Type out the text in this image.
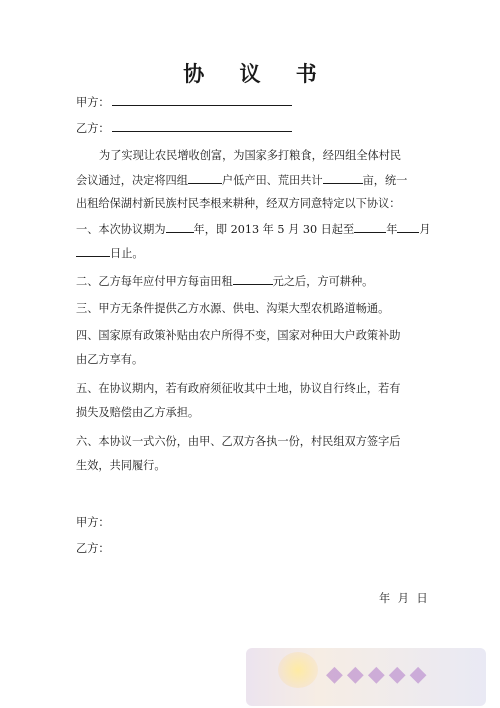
协 议 书
甲方：
乙方：
为了实现让农民增收创富，为国家多打粮食，经四组全体村民
会议通过，决定将四组	户低产田、荒田共计	亩，统一
出租给保湖村新民族村民李根来耕种，经双方同意特定以下协议：
一、本次协议期为	年，即 2013 年 5 月 30 日起至	年 月
日止。
二、乙方每年应付甲方每亩田租	元之后，方可耕种。
三、甲方无条件提供乙方水源、供电、沟渠大型农机路道畅通。
四、国家原有政策补贴由农户所得不变，国家对种田大户政策补助
由乙方享有。
五、在协议期内，若有政府须征收其中土地，协议自行终止，若有
损失及赔偿由乙方承担。
六、本协议一式六份，由甲、乙双方各执一份，村民组双方签字后
生效，共同履行。
甲方：
乙方：
年 月 日
◆◆◆◆◆
